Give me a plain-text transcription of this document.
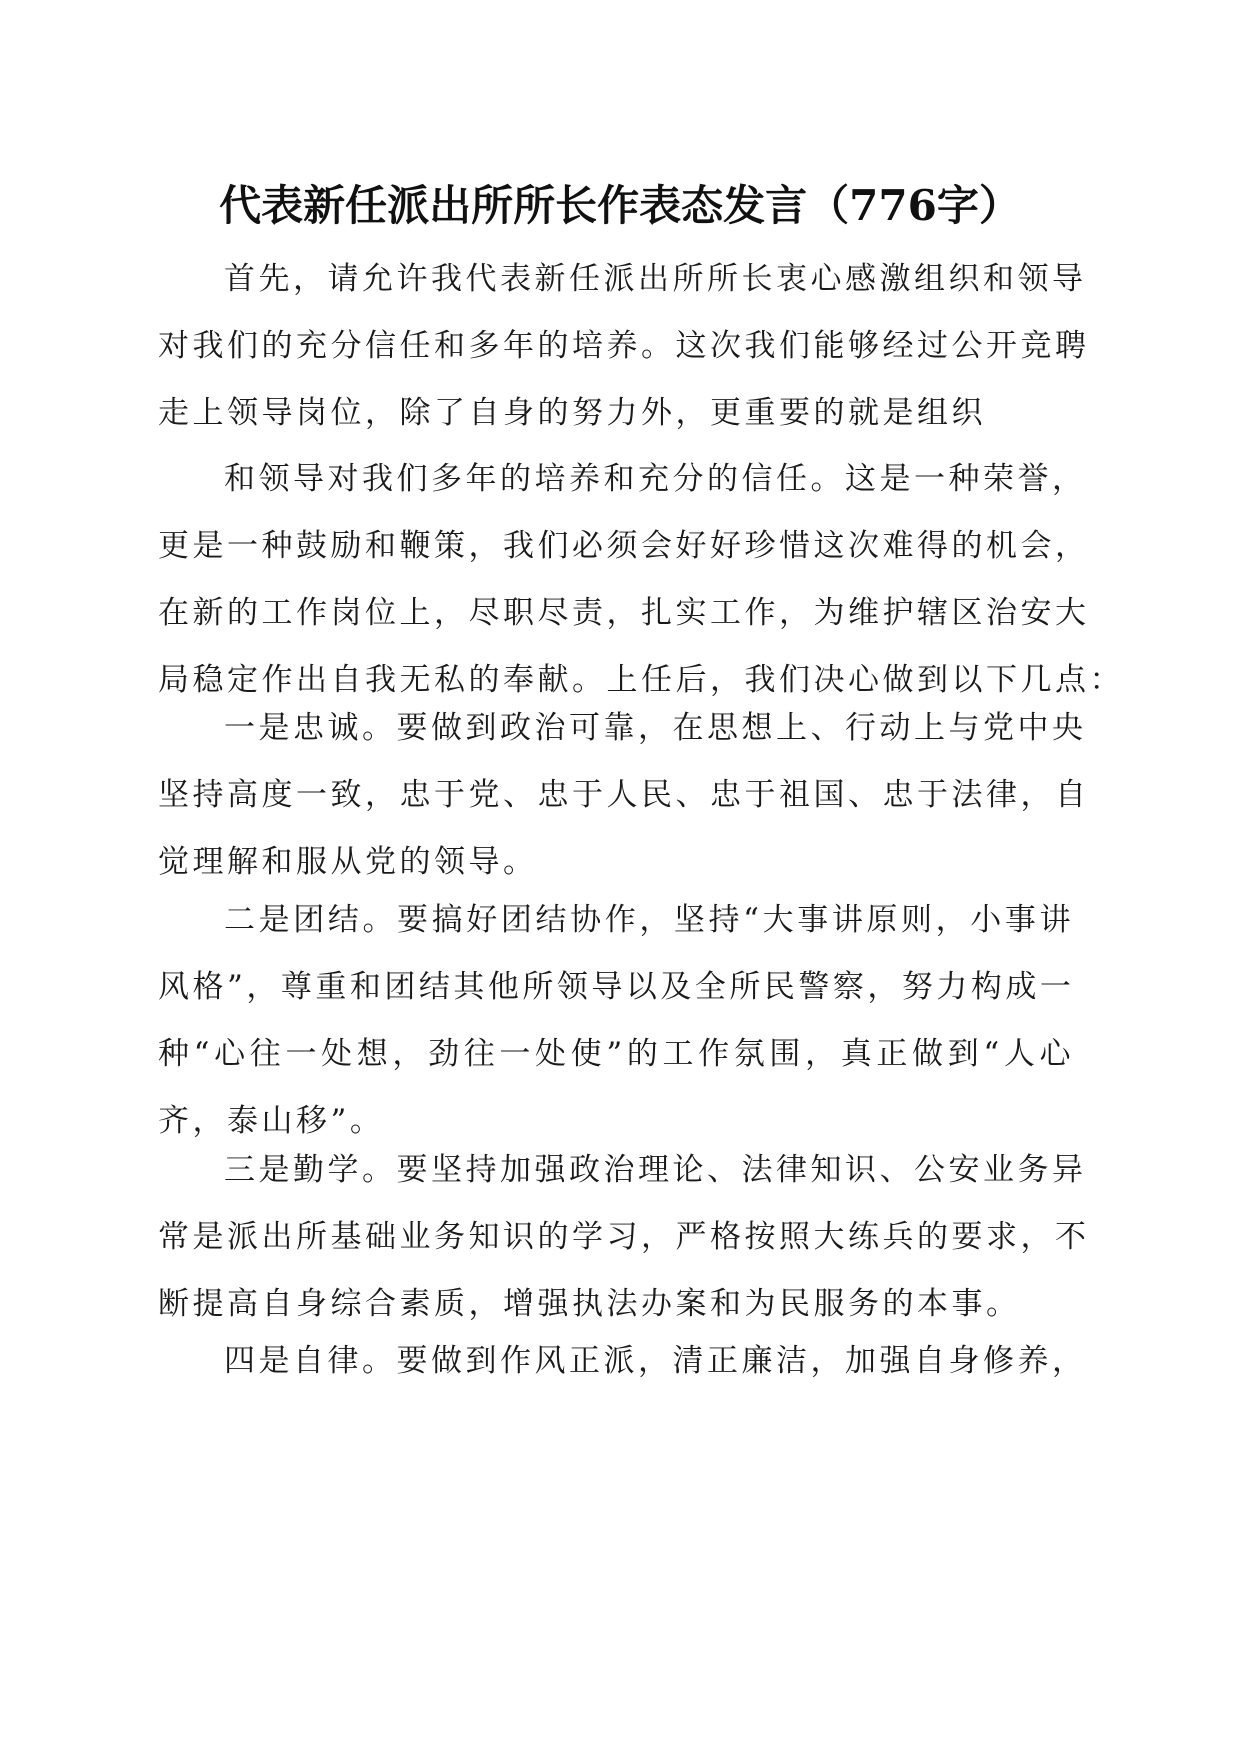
代表新任派出所所长作表态发言（776字）

首先，请允许我代表新任派出所所长衷心感激组织和领导
对我们的充分信任和多年的培养。这次我们能够经过公开竞聘
走上领导岗位，除了自身的努力外，更重要的就是组织

和领导对我们多年的培养和充分的信任。这是一种荣誉，
更是一种鼓励和鞭策，我们必须会好好珍惜这次难得的机会，
在新的工作岗位上，尽职尽责，扎实工作，为维护辖区治安大
局稳定作出自我无私的奉献。上任后，我们决心做到以下几点：

一是忠诚。要做到政治可靠，在思想上、行动上与党中央
坚持高度一致，忠于党、忠于人民、忠于祖国、忠于法律，自
觉理解和服从党的领导。

二是团结。要搞好团结协作，坚持“大事讲原则，小事讲
风格”，尊重和团结其他所领导以及全所民警察，努力构成一
种“心往一处想，劲往一处使”的工作氛围，真正做到“人心
齐，泰山移”。

三是勤学。要坚持加强政治理论、法律知识、公安业务异
常是派出所基础业务知识的学习，严格按照大练兵的要求，不
断提高自身综合素质，增强执法办案和为民服务的本事。

四是自律。要做到作风正派，清正廉洁，加强自身修养，
